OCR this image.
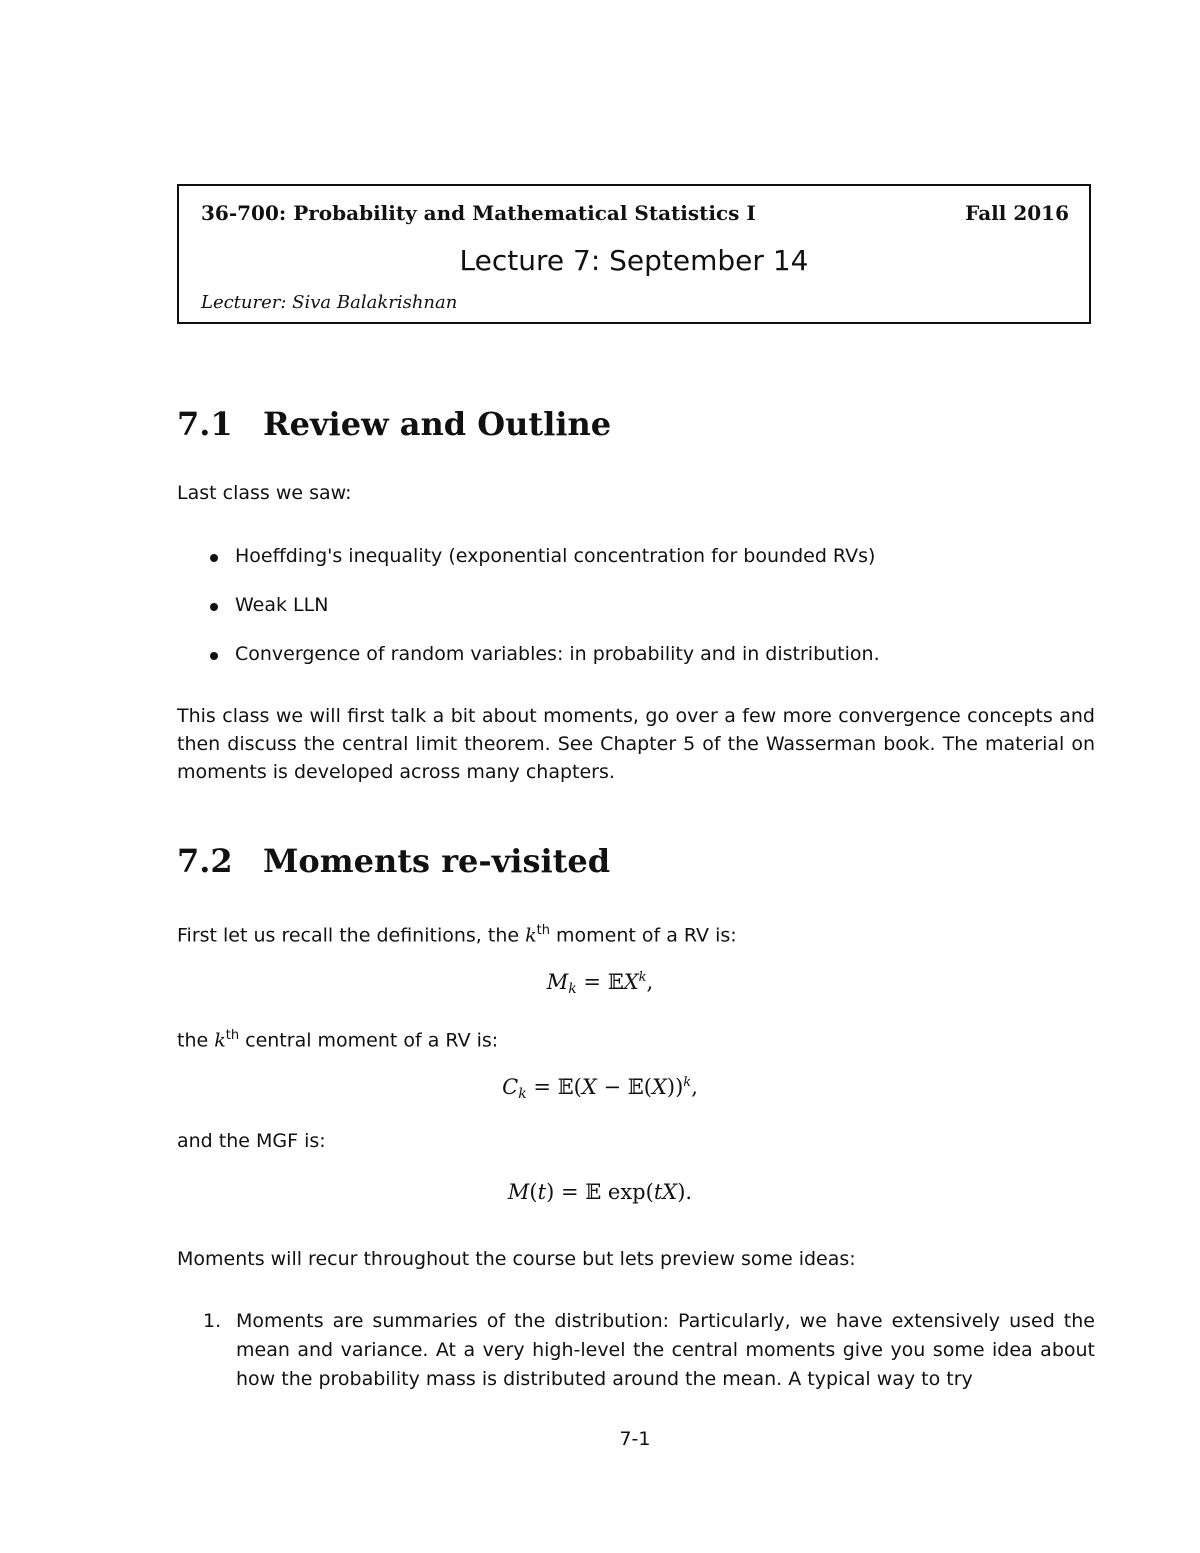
36-700: Probability and Mathematical Statistics I	Fall 2016
Lecture 7: September 14
Lecturer: Siva Balakrishnan
7.1 Review and Outline
Last class we saw:
Hoeffding's inequality (exponential concentration for bounded RVs)
Weak LLN
Convergence of random variables: in probability and in distribution.
This class we will first talk a bit about moments, go over a few more convergence concepts and then discuss the central limit theorem. See Chapter 5 of the Wasserman book. The material on moments is developed across many chapters.
7.2 Moments re-visited
First let us recall the definitions, the $k^{th}$ moment of a RV is:
$M_k$ = 𝔼X$^k$,
the $k^{th}$ central moment of a RV is:
$C_k$ = 𝔼(X − 𝔼(X))$^k$,
and the MGF is:
M(t) = 𝔼 exp(tX).
Moments will recur throughout the course but lets preview some ideas:
1. Moments are summaries of the distribution: Particularly, we have extensively used the mean and variance. At a very high-level the central moments give you some idea about how the probability mass is distributed around the mean. A typical way to try
7-1
